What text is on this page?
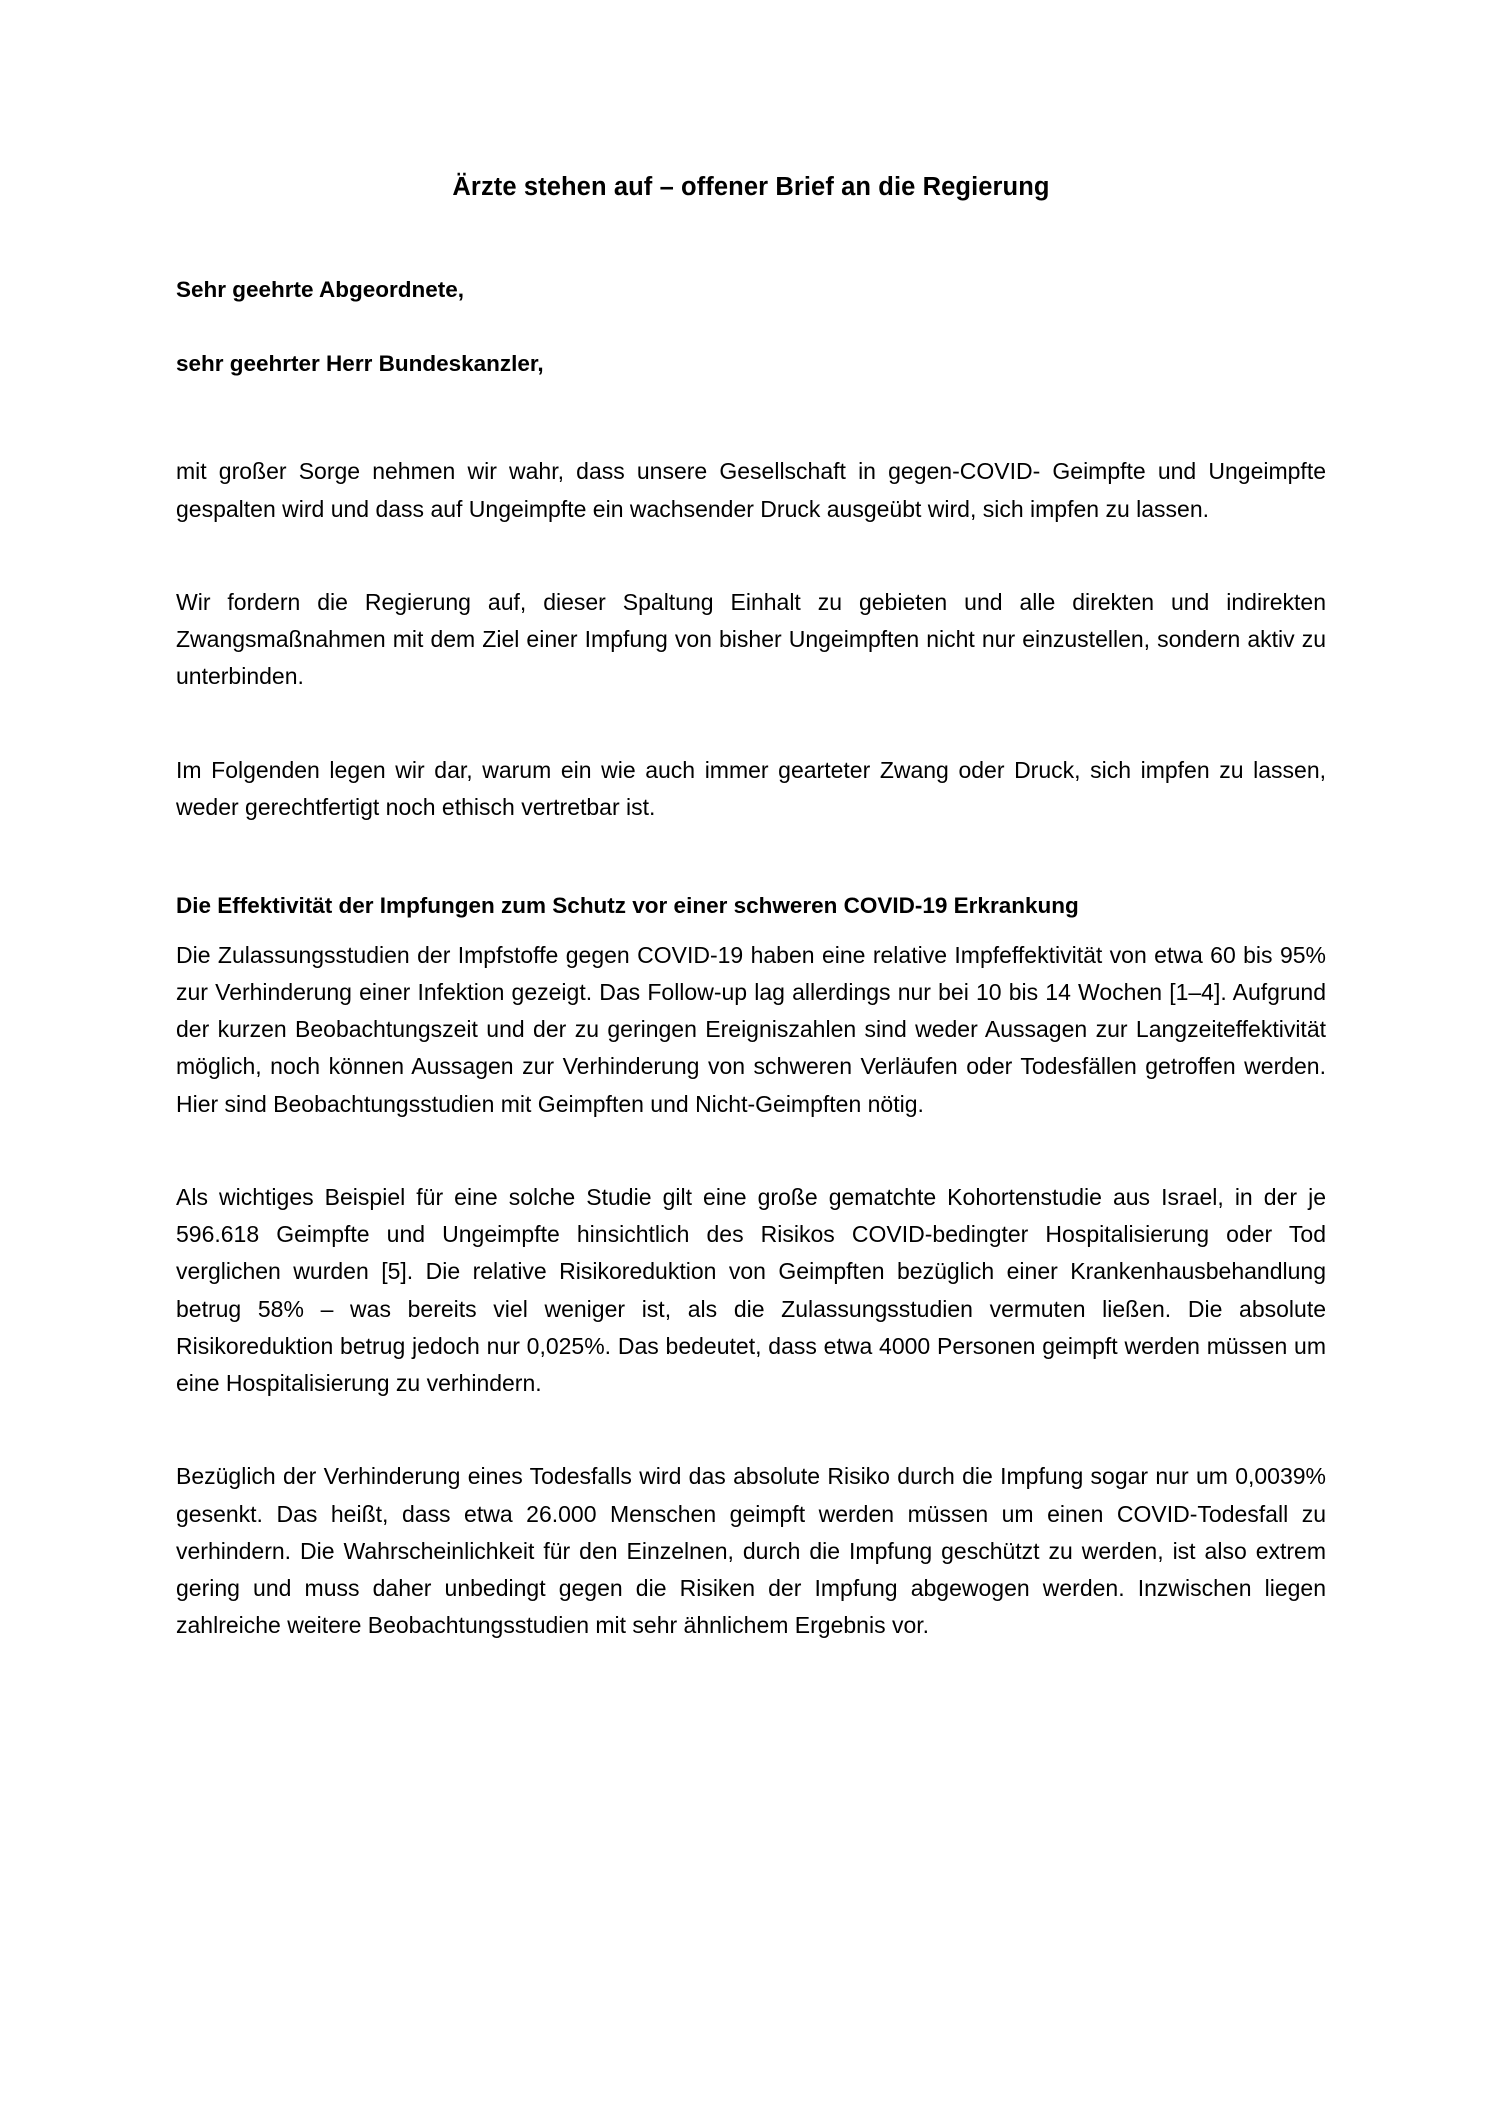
Ärzte stehen auf – offener Brief an die Regierung

Sehr geehrte Abgeordnete,

sehr geehrter Herr Bundeskanzler,

mit großer Sorge nehmen wir wahr, dass unsere Gesellschaft in gegen-COVID- Geimpfte und Ungeimpfte gespalten wird und dass auf Ungeimpfte ein wachsender Druck ausgeübt wird, sich impfen zu lassen.

Wir fordern die Regierung auf, dieser Spaltung Einhalt zu gebieten und alle direkten und indirekten Zwangsmaßnahmen mit dem Ziel einer Impfung von bisher Ungeimpften nicht nur einzustellen, sondern aktiv zu unterbinden.

Im Folgenden legen wir dar, warum ein wie auch immer gearteter Zwang oder Druck, sich impfen zu lassen, weder gerechtfertigt noch ethisch vertretbar ist.

Die Effektivität der Impfungen zum Schutz vor einer schweren COVID-19 Erkrankung

Die Zulassungsstudien der Impfstoffe gegen COVID-19 haben eine relative Impfeffektivität von etwa 60 bis 95% zur Verhinderung einer Infektion gezeigt. Das Follow-up lag allerdings nur bei 10 bis 14 Wochen [1–4]. Aufgrund der kurzen Beobachtungszeit und der zu geringen Ereigniszahlen sind weder Aussagen zur Langzeiteffektivität möglich, noch können Aussagen zur Verhinderung von schweren Verläufen oder Todesfällen getroffen werden. Hier sind Beobachtungsstudien mit Geimpften und Nicht-Geimpften nötig.

Als wichtiges Beispiel für eine solche Studie gilt eine große gematchte Kohortenstudie aus Israel, in der je 596.618 Geimpfte und Ungeimpfte hinsichtlich des Risikos COVID-bedingter Hospitalisierung oder Tod verglichen wurden [5]. Die relative Risikoreduktion von Geimpften bezüglich einer Krankenhausbehandlung betrug 58% – was bereits viel weniger ist, als die Zulassungsstudien vermuten ließen. Die absolute Risikoreduktion betrug jedoch nur 0,025%. Das bedeutet, dass etwa 4000 Personen geimpft werden müssen um eine Hospitalisierung zu verhindern.

Bezüglich der Verhinderung eines Todesfalls wird das absolute Risiko durch die Impfung sogar nur um 0,0039% gesenkt. Das heißt, dass etwa 26.000 Menschen geimpft werden müssen um einen COVID-Todesfall zu verhindern. Die Wahrscheinlichkeit für den Einzelnen, durch die Impfung geschützt zu werden, ist also extrem gering und muss daher unbedingt gegen die Risiken der Impfung abgewogen werden. Inzwischen liegen zahlreiche weitere Beobachtungsstudien mit sehr ähnlichem Ergebnis vor.
